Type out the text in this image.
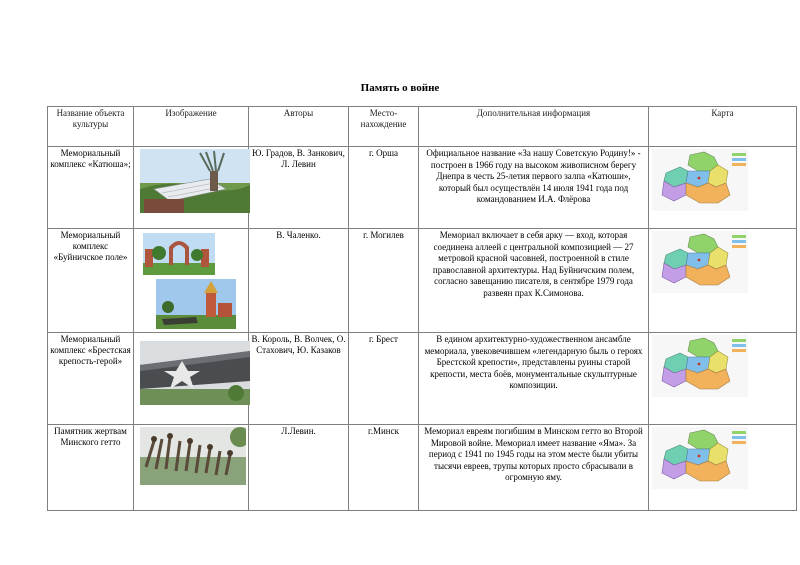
Память о войне
Название объекта культуры	Изображение	Авторы	Место-нахождение	Дополнительная информация	Карта
Мемориальный комплекс «Катюша»;		Ю. Градов, В. Занкович, Л. Левин	г. Орша	Официальное название «За нашу Советскую Родину!» - построен в 1966 году на высоком живописном берегу Днепра в честь 25-летия первого залпа «Катюши», который был осуществлён 14 июля 1941 года под командованием И.А. Флёрова	

Мемориальный комплекс «Буйничское поле»		В. Чаленко.	г. Могилев	Мемориал включает в себя арку — вход, которая соединена аллеей с центральной композицией — 27 метровой красной часовней, построенной в стиле православной архитектуры. Над Буйничским полем, согласно завещанию писателя, в сентябре 1979 года развеян прах К.Симонова.	

Мемориальный комплекс «Брестская крепость-герой»		В. Король, В. Волчек, О. Стахович, Ю. Казаков	г. Брест	В едином архитектурно-художественном ансамбле мемориала, увековечившем «легендарную быль о героях Брестской крепости», представлены руины старой крепости, места боёв, монументальные скульптурные композиции.	

Памятник жертвам Минского гетто		Л.Левин.	г.Минск	Мемориал евреям погибшим в Минском гетто во Второй Мировой войне. Мемориал имеет название «Яма». За период с 1941 по 1945 годы на этом месте были убиты тысячи евреев, трупы которых просто сбрасывали в огромную яму.	
